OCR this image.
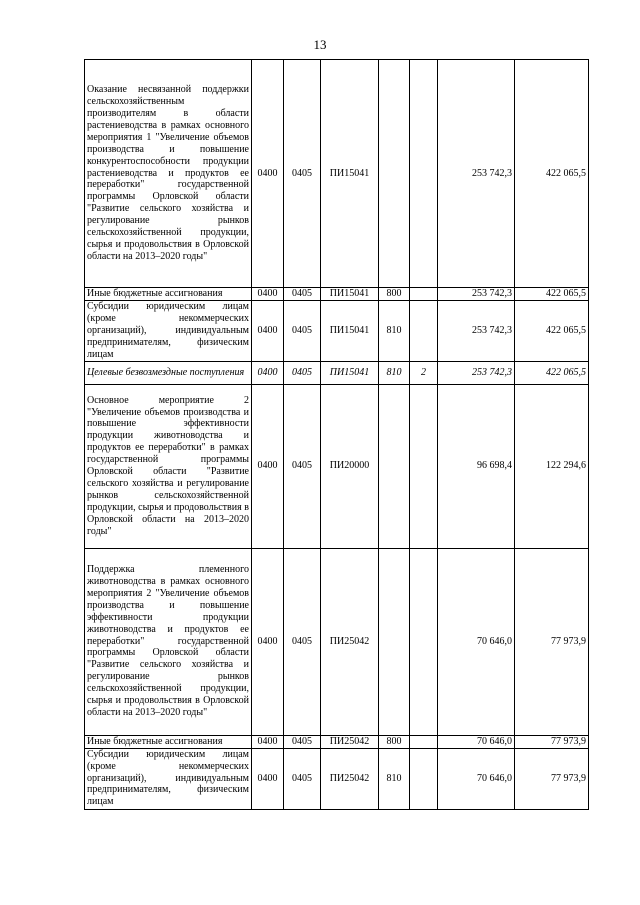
13
Оказание несвязанной поддержки сельскохозяйственным производителям в области растениеводства в рамках основного мероприятия 1 "Увеличение объемов производства и повышение конкурентоспособности продукции растениеводства и продуктов ее переработки" государственной программы Орловской области "Развитие сельского хозяйства и регулирование рынков сельскохозяйственной продукции, сырья и продовольствия в Орловской области на 2013–2020 годы"	0400	0405	ПИ15041			253 742,3	422 065,5
Иные бюджетные ассигнования	0400	0405	ПИ15041	800		253 742,3	422 065,5
Субсидии юридическим лицам (кроме некоммерческих организаций), индивидуальным предпринимателям, физическим лицам	0400	0405	ПИ15041	810		253 742,3	422 065,5
Целевые безвозмездные поступления	0400	0405	ПИ15041	810	2	253 742,3	422 065,5
Основное мероприятие 2 "Увеличение объемов производства и повышение эффективности продукции животноводства и продуктов ее переработки" в рамках государственной программы Орловской области "Развитие сельского хозяйства и регулирование рынков сельскохозяйственной продукции, сырья и продовольствия в Орловской области на 2013–2020 годы"	0400	0405	ПИ20000			96 698,4	122 294,6
Поддержка племенного животноводства в рамках основного мероприятия 2 "Увеличение объемов производства и повышение эффективности продукции животноводства и продуктов ее переработки" государственной программы Орловской области "Развитие сельского хозяйства и регулирование рынков сельскохозяйственной продукции, сырья и продовольствия в Орловской области на 2013–2020 годы"	0400	0405	ПИ25042			70 646,0	77 973,9
Иные бюджетные ассигнования	0400	0405	ПИ25042	800		70 646,0	77 973,9
Субсидии юридическим лицам (кроме некоммерческих организаций), индивидуальным предпринимателям, физическим лицам	0400	0405	ПИ25042	810		70 646,0	77 973,9
